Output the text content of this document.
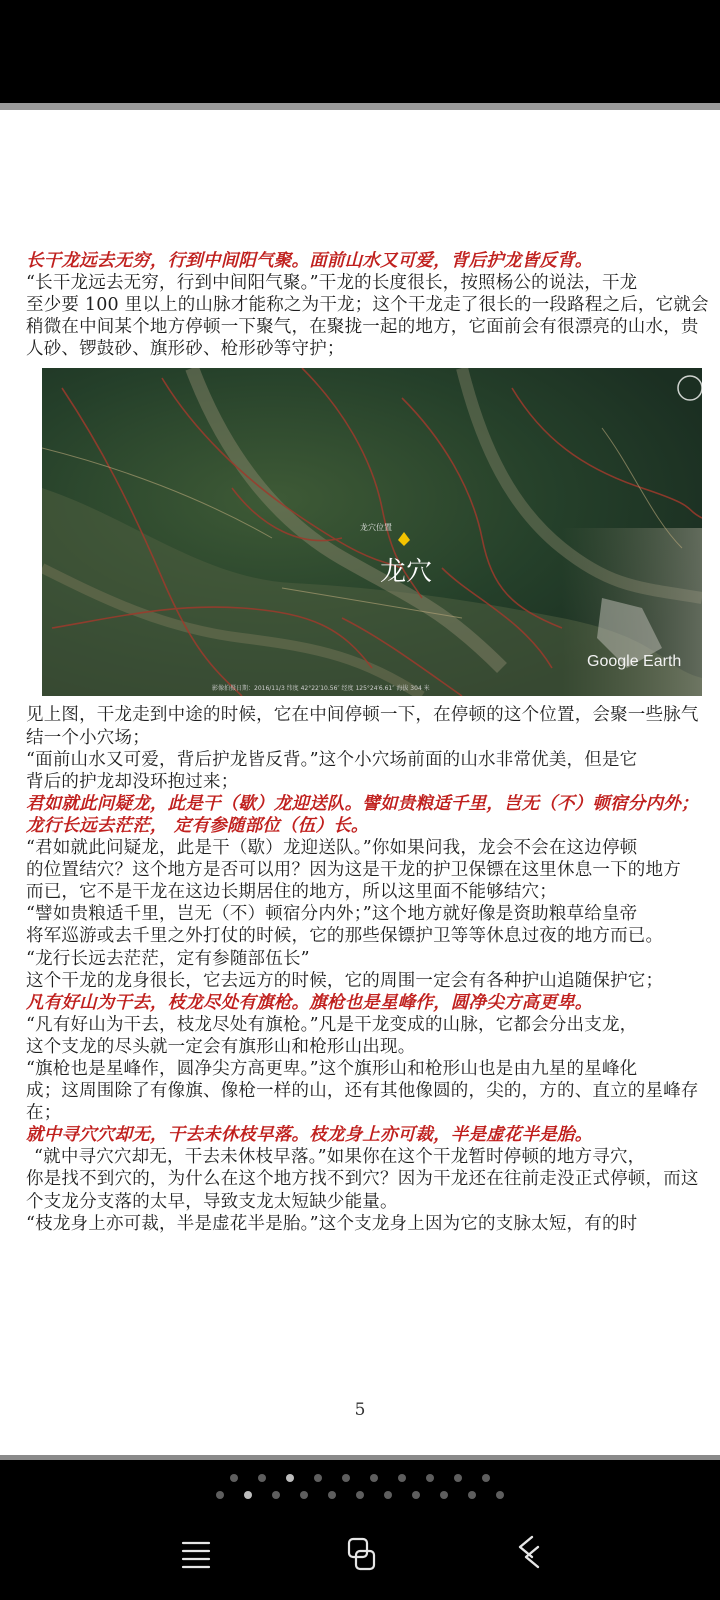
长干龙远去无穷，行到中间阳气聚。面前山水又可爱，背后护龙皆反背。
“长干龙远去无穷，行到中间阳气聚。”干龙的长度很长，按照杨公的说法，干龙
至少要 100 里以上的山脉才能称之为干龙；这个干龙走了很长的一段路程之后，它就会
稍微在中间某个地方停顿一下聚气，在聚拢一起的地方，它面前会有很漂亮的山水，贵
人砂、锣鼓砂、旗形砂、枪形砂等守护；
龙穴位置
龙穴
Google Earth
影像拍摄日期：2016/11/3 纬度 42°22′10.56″ 经度 125°24′6.61″ 海拔 304 米
见上图，干龙走到中途的时候，它在中间停顿一下，在停顿的这个位置，会聚一些脉气
结一个小穴场；
“面前山水又可爱，背后护龙皆反背。”这个小穴场前面的山水非常优美，但是它
背后的护龙却没环抱过来；
君如就此问疑龙，此是干（歇）龙迎送队。譬如贵粮适千里，岂无（不）顿宿分内外；
龙行长远去茫茫， 定有参随部位（伍）长。
“君如就此问疑龙，此是干（歇）龙迎送队。”你如果问我，龙会不会在这边停顿
的位置结穴？这个地方是否可以用？因为这是干龙的护卫保镖在这里休息一下的地方
而已，它不是干龙在这边长期居住的地方，所以这里面不能够结穴；
“譬如贵粮适千里，岂无（不）顿宿分内外；”这个地方就好像是资助粮草给皇帝
将军巡游或去千里之外打仗的时候，它的那些保镖护卫等等休息过夜的地方而已。
“龙行长远去茫茫，定有参随部伍长”
这个干龙的龙身很长，它去远方的时候，它的周围一定会有各种护山追随保护它；
凡有好山为干去，枝龙尽处有旗枪。旗枪也是星峰作，圆净尖方高更卑。
“凡有好山为干去，枝龙尽处有旗枪。”凡是干龙变成的山脉，它都会分出支龙，
这个支龙的尽头就一定会有旗形山和枪形山出现。
“旗枪也是星峰作，圆净尖方高更卑。”这个旗形山和枪形山也是由九星的星峰化
成；这周围除了有像旗、像枪一样的山，还有其他像圆的，尖的，方的、直立的星峰存
在；
就中寻穴穴却无，干去未休枝早落。枝龙身上亦可裁，半是虚花半是胎。
“就中寻穴穴却无，干去未休枝早落。”如果你在这个干龙暂时停顿的地方寻穴，
你是找不到穴的，为什么在这个地方找不到穴？因为干龙还在往前走没正式停顿，而这
个支龙分支落的太早，导致支龙太短缺少能量。
“枝龙身上亦可裁，半是虚花半是胎。”这个支龙身上因为它的支脉太短，有的时
5
